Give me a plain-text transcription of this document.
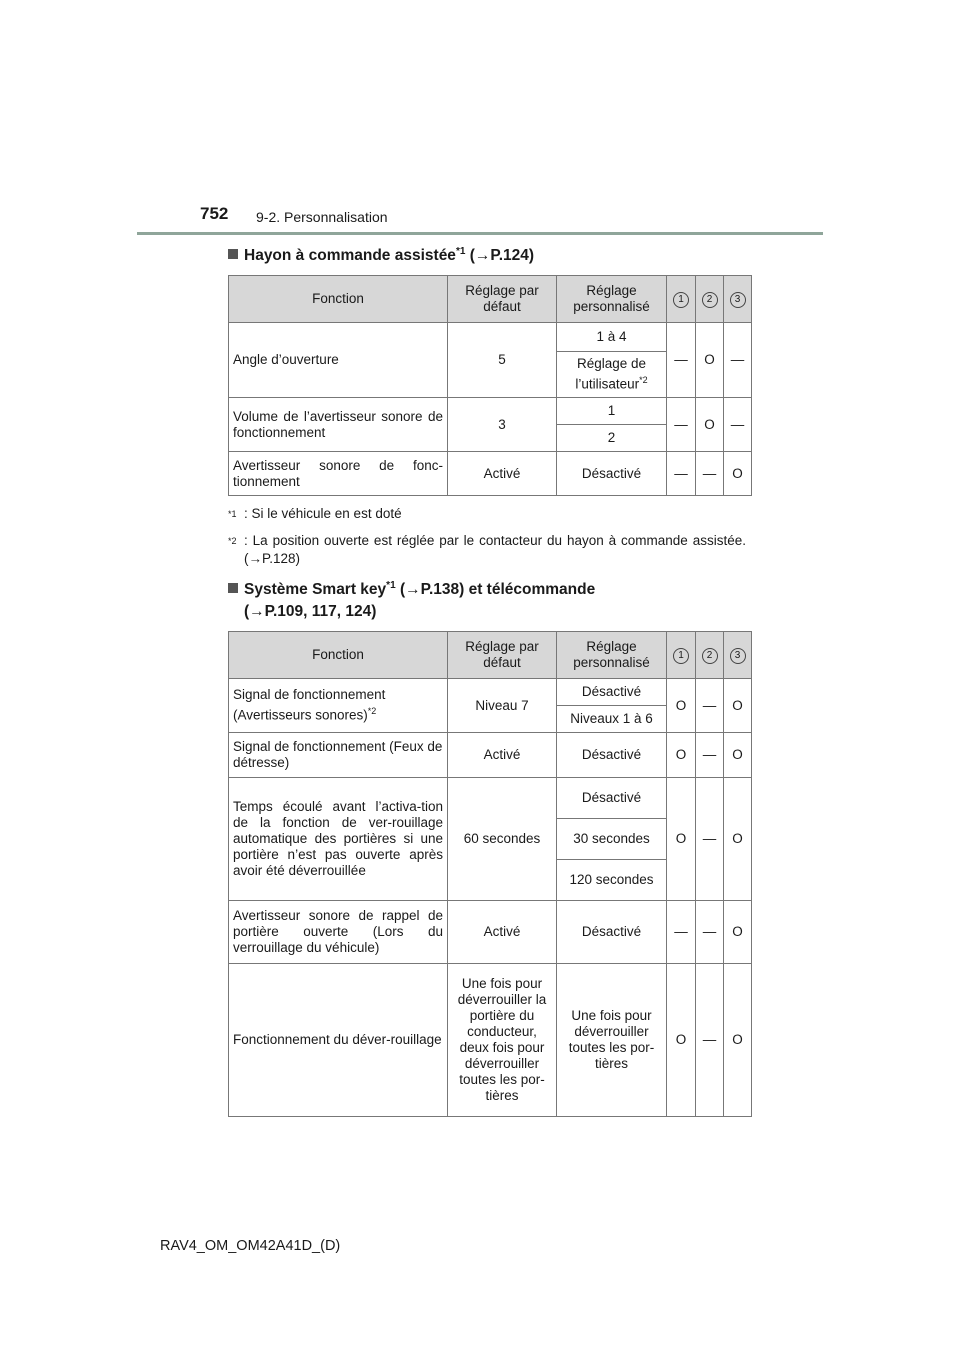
752 9-2. Personnalisation
Hayon à commande assistée$^{*1}$ (→P.124)
Fonction	Réglage par défaut	Réglage personnalisé	1	2	3
Angle d’ouverture	5	1 à 4	—	O	—
		Réglage de l’utilisateur$^{*2}$
Volume de l’avertisseur sonore de fonctionnement	3	1	—	O	—
		2			
Avertisseur sonore de fonc-tionnement	Activé	Désactivé	—	—	O
*1 : Si le véhicule en est doté
*2 : La position ouverte est réglée par le contacteur du hayon à commande assistée. (→P.128)
Système Smart key$^{*1}$ (→P.138) et télécommande
(→P.109, 117, 124)
Fonction	Réglage par défaut	Réglage personnalisé	1	2	3
Signal de fonctionnement (Avertisseurs sonores)$^{*2}$	Niveau 7	Désactivé	O	—	O
		Niveaux 1 à 6			
Signal de fonctionnement (Feux de détresse)	Activé	Désactivé	O	—	O
Temps écoulé avant l’activa-tion de la fonction de ver-rouillage automatique des portières si une portière n’est pas ouverte après avoir été déverrouillée	60 secondes	Désactivé	O	—	O
		30 secondes			
		120 secondes			
Avertisseur sonore de rappel de portière ouverte (Lors du verrouillage du véhicule)	Activé	Désactivé	—	—	O
Fonctionnement du déver-rouillage	Une fois pour déverrouiller la portière du conducteur, deux fois pour déverrouiller toutes les por-tières	Une fois pour déverrouiller toutes les por-tières	O	—	O
RAV4_OM_OM42A41D_(D)
